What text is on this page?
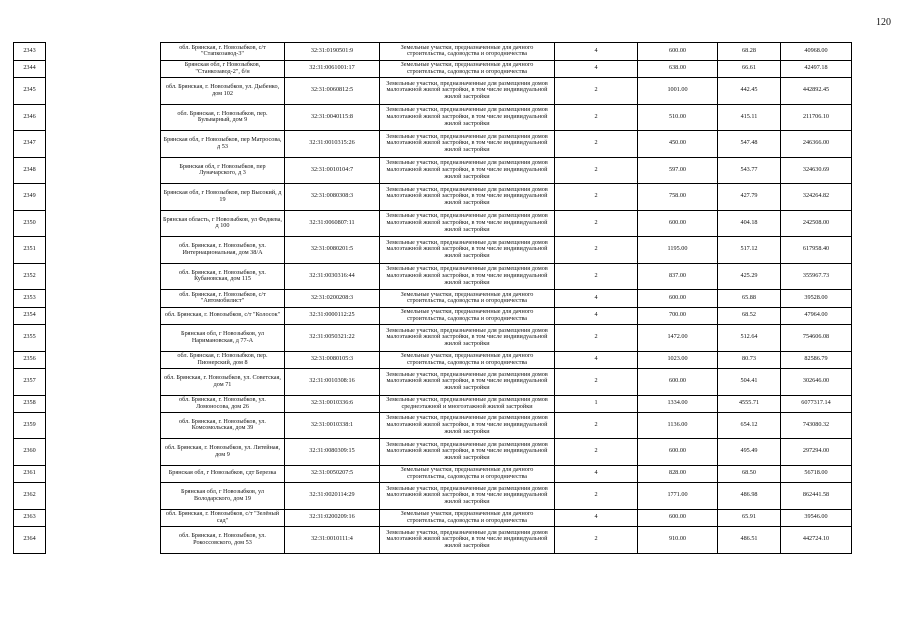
120
2343		обл. Брянская, г. Новозыбков, с/т "Стапкозавод-3"	32:31:0190501:9	Земельные участки, предназначенные для дачного строительства, садоводства и огородничества	4	600.00	68.28	40968.00
2344		Брянская обл, г Новозыбков, "Станкозавод-2", б/н	32:31:0061001:17	Земельные участки, предназначенные для дачного строительства, садоводства и огородничества	4	638.00	66.61	42497.18
2345		обл. Брянская, г. Новозыбков, ул. Дыбенко, дом 102	32:31:0060812:5	Земельные участки, предназначенные для размещения домов малоэтажной жилой застройки, в том числе индивидуальной жилой застройки	2	1001.00	442.45	442892.45
2346		обл. Брянская, г. Новозыбков, пер. Бульварный, дом 9	32:31:0040115:8	Земельные участки, предназначенные для размещения домов малоэтажной жилой застройки, в том числе индивидуальной жилой застройки	2	510.00	415.11	211706.10
2347		Брянская обл, г Новозыбков, пер Матросова, д 53	32:31:0010315:26	Земельные участки, предназначенные для размещения домов малоэтажной жилой застройки, в том числе индивидуальной жилой застройки	2	450.00	547.48	246366.00
2348		Брянская обл, г Новозыбков, пер Луначарского, д 3	32:31:0010104:7	Земельные участки, предназначенные для размещения домов малоэтажной жилой застройки, в том числе индивидуальной жилой застройки	2	597.00	543.77	324630.69
2349		Брянская обл, г Новозыбков, пер Высокий, д 19	32:31:0080308:3	Земельные участки, предназначенные для размещения домов малоэтажной жилой застройки, в том числе индивидуальной жилой застройки	2	758.00	427.79	324264.82
2350		Брянская область, г Новозыбков, ул Федяева, д 100	32:31:0060807:11	Земельные участки, предназначенные для размещения домов малоэтажной жилой застройки, в том числе индивидуальной жилой застройки	2	600.00	404.18	242508.00
2351		обл. Брянская, г. Новозыбков, ул. Интернациональная, дом 38/А	32:31:0080201:5	Земельные участки, предназначенные для размещения домов малоэтажной жилой застройки, в том числе индивидуальной жилой застройки	2	1195.00	517.12	617958.40
2352		обл. Брянская, г. Новозыбков, ул. Кубановская, дом 115	32:31:0030316:44	Земельные участки, предназначенные для размещения домов малоэтажной жилой застройки, в том числе индивидуальной жилой застройки	2	837.00	425.29	355967.73
2353		обл. Брянская, г. Новозыбков, с/т "Автомобилист"	32:31:0200208:3	Земельные участки, предназначенные для дачного строительства, садоводства и огородничества	4	600.00	65.88	39528.00
2354		обл. Брянская, г. Новозыбков, с/т "Колосок"	32:31:0000112:25	Земельные участки, предназначенные для дачного строительства, садоводства и огородничества	4	700.00	68.52	47964.00
2355		Брянская обл, г Новозыбков, ул Наримановская, д 77-А	32:31:0050321:22	Земельные участки, предназначенные для размещения домов малоэтажной жилой застройки, в том числе индивидуальной жилой застройки	2	1472.00	512.64	754606.08
2356		обл. Брянская, г. Новозыбков, пер. Пионерский, дом 8	32:31:0080105:3	Земельные участки, предназначенные для дачного строительства, садоводства и огородничества	4	1023.00	80.73	82586.79
2357		обл. Брянская, г. Новозыбков, ул. Советская, дом 71	32:31:0010308:16	Земельные участки, предназначенные для размещения домов малоэтажной жилой застройки, в том числе индивидуальной жилой застройки	2	600.00	504.41	302646.00
2358		обл. Брянская, г. Новозыбков, ул. Ломоносова, дом 26	32:31:0010336:6	Земельные участки, предназначенные для размещения домов среднеэтажной и многоэтажной жилой застройки	1	1334.00	4555.71	6077317.14
2359		обл. Брянская, г. Новозыбков, ул. Комсомольская, дом 39	32:31:0010338:1	Земельные участки, предназначенные для размещения домов малоэтажной жилой застройки, в том числе индивидуальной жилой застройки	2	1136.00	654.12	743080.32
2360		обл. Брянская, г. Новозыбков, ул. Литейная, дом 9	32:31:0080309:15	Земельные участки, предназначенные для размещения домов малоэтажной жилой застройки, в том числе индивидуальной жилой застройки	2	600.00	495.49	297294.00
2361		Брянская обл, г Новозыбков, сдт Березка	32:31:0050207:5	Земельные участки, предназначенные для дачного строительства, садоводства и огородничества	4	828.00	68.50	56718.00
2362		Брянская обл, г Новозыбков, ул Володарского, дом 19	32:31:0020114:29	Земельные участки, предназначенные для размещения домов малоэтажной жилой застройки, в том числе индивидуальной жилой застройки	2	1771.00	486.98	862441.58
2363		обл. Брянская, г. Новозыбков, с/т "Зелёный сад"	32:31:0200209:16	Земельные участки, предназначенные для дачного строительства, садоводства и огородничества	4	600.00	65.91	39546.00
2364		обл. Брянская, г. Новозыбков, ул. Рокоссовского, дом 53	32:31:0010111:4	Земельные участки, предназначенные для размещения домов малоэтажной жилой застройки, в том числе индивидуальной жилой застройки	2	910.00	486.51	442724.10
